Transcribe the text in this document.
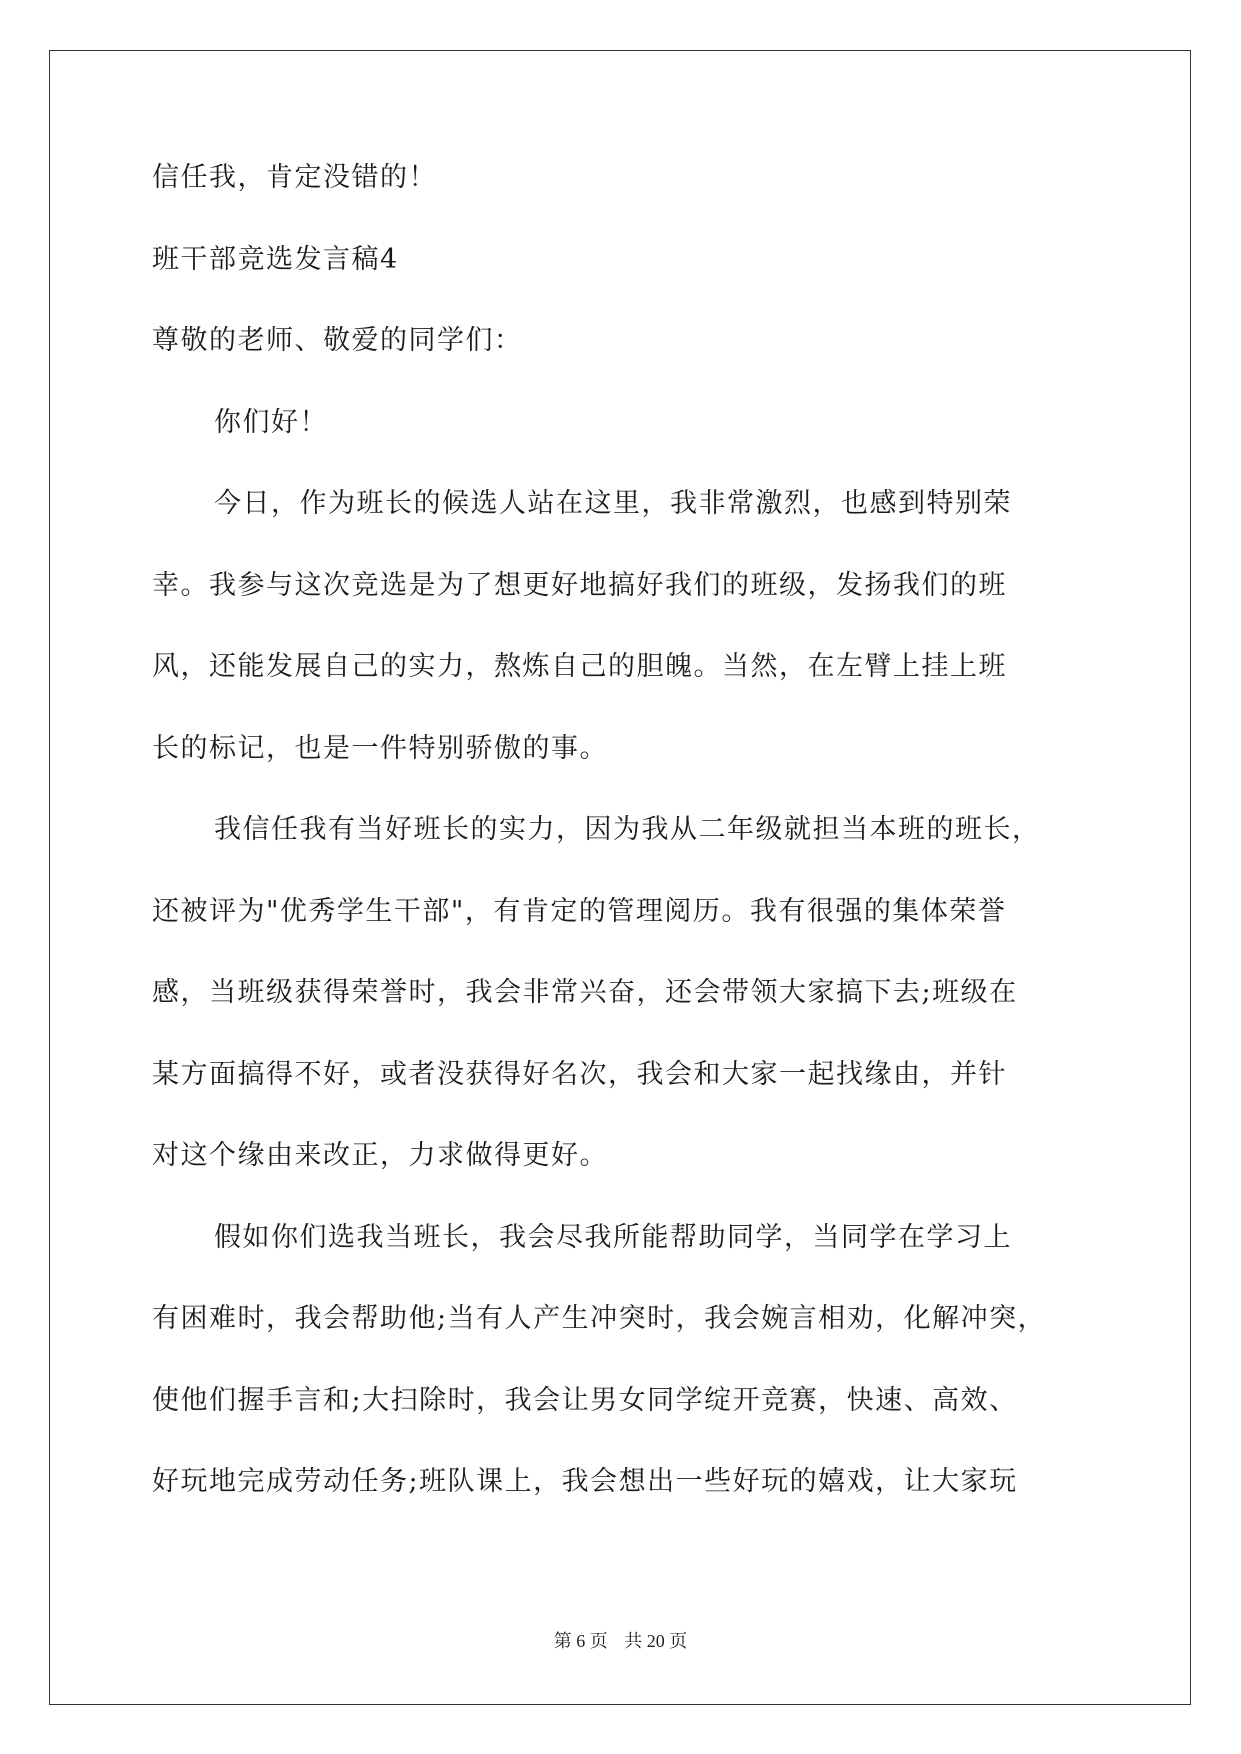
信任我，肯定没错的！
班干部竞选发言稿4
尊敬的老师、敬爱的同学们：
你们好！
今日，作为班长的候选人站在这里，我非常激烈，也感到特别荣
幸。我参与这次竞选是为了想更好地搞好我们的班级，发扬我们的班
风，还能发展自己的实力，熬炼自己的胆魄。当然，在左臂上挂上班
长的标记，也是一件特别骄傲的事。
我信任我有当好班长的实力，因为我从二年级就担当本班的班长，
还被评为"优秀学生干部"，有肯定的管理阅历。我有很强的集体荣誉
感，当班级获得荣誉时，我会非常兴奋，还会带领大家搞下去;班级在
某方面搞得不好，或者没获得好名次，我会和大家一起找缘由，并针
对这个缘由来改正，力求做得更好。
假如你们选我当班长，我会尽我所能帮助同学，当同学在学习上
有困难时，我会帮助他;当有人产生冲突时，我会婉言相劝，化解冲突，
使他们握手言和;大扫除时，我会让男女同学绽开竞赛，快速、高效、
好玩地完成劳动任务;班队课上，我会想出一些好玩的嬉戏，让大家玩
第 6 页 共 20 页
